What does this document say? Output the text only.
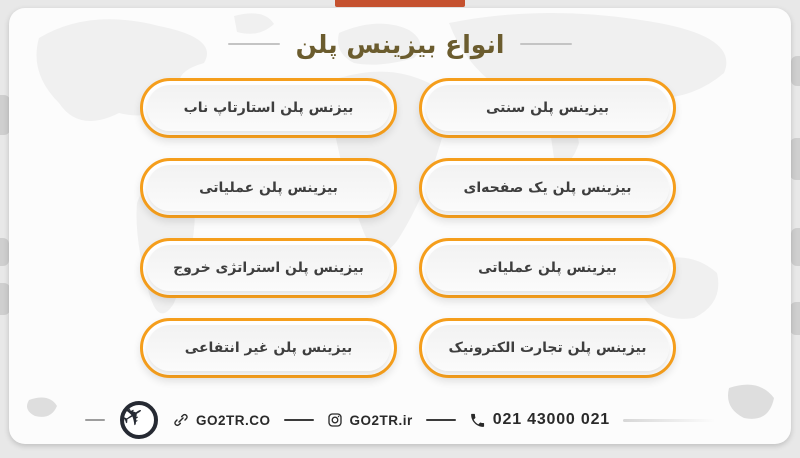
انواع بیزینس پلن
بیزینس پلن سنتی
بیزنس پلن استارتاپ ناب
بیزینس پلن یک صفحه‌ای
بیزینس پلن عملیاتی
بیزینس پلن عملیاتی
بیزینس پلن استراتژی خروج
بیزینس پلن تجارت الکترونیک
بیزینس پلن غیر انتفاعی
✈	GO2TR.CO	GO2TR.ir	021 43000 021
